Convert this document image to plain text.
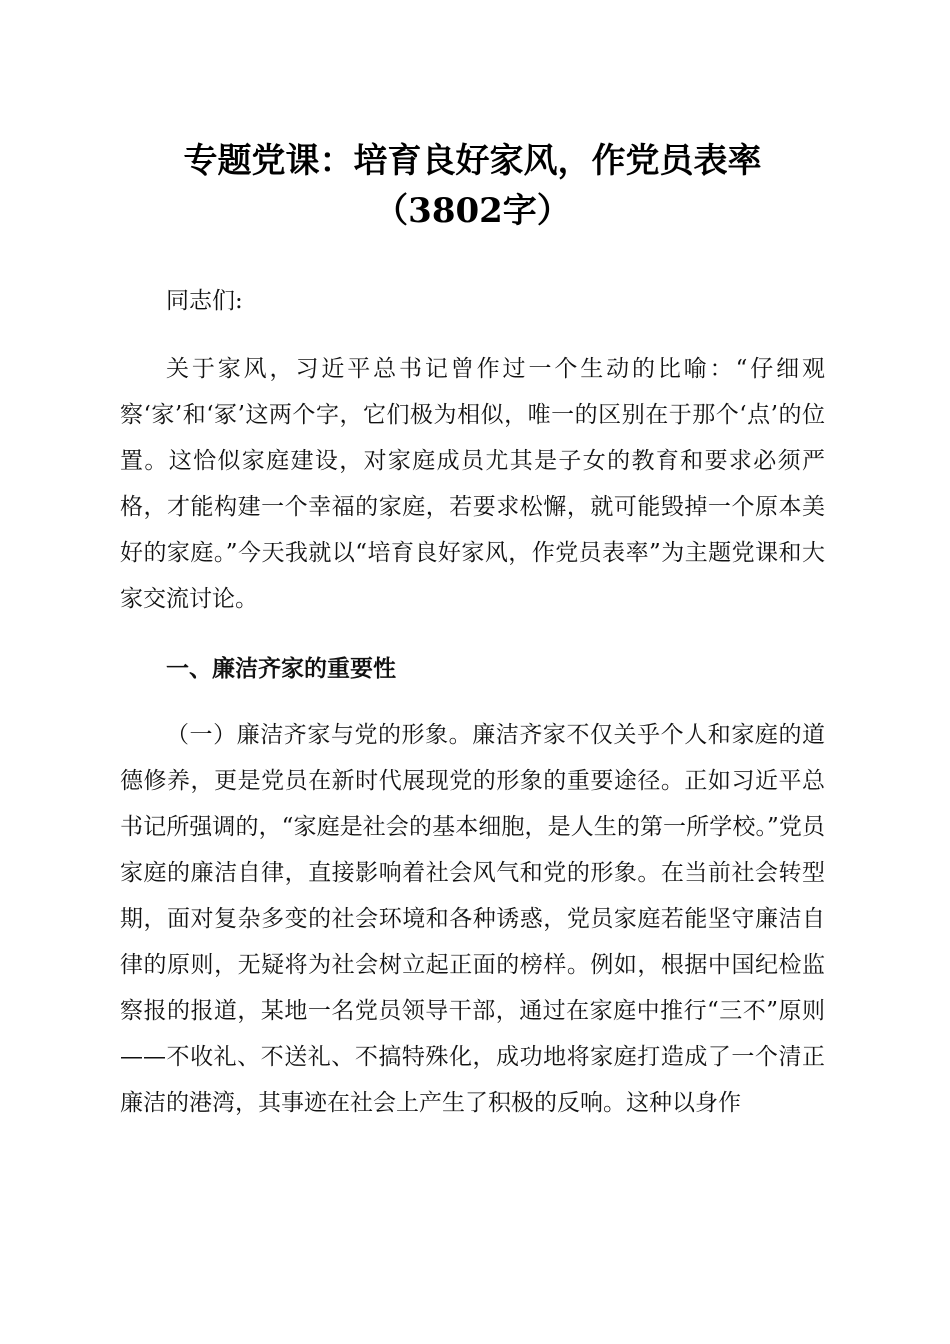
专题党课：培育良好家风，作党员表率（3802字）

同志们:

关于家风，习近平总书记曾作过一个生动的比喻：“仔细观察‘家’和‘冢’这两个字，它们极为相似，唯一的区别在于那个‘点’的位置。这恰似家庭建设，对家庭成员尤其是子女的教育和要求必须严格，才能构建一个幸福的家庭，若要求松懈，就可能毁掉一个原本美好的家庭。”今天我就以“培育良好家风，作党员表率”为主题党课和大家交流讨论。

一、廉洁齐家的重要性

（一）廉洁齐家与党的形象。廉洁齐家不仅关乎个人和家庭的道德修养，更是党员在新时代展现党的形象的重要途径。正如习近平总书记所强调的，“家庭是社会的基本细胞，是人生的第一所学校。”党员家庭的廉洁自律，直接影响着社会风气和党的形象。在当前社会转型期，面对复杂多变的社会环境和各种诱惑，党员家庭若能坚守廉洁自律的原则，无疑将为社会树立起正面的榜样。例如，根据中国纪检监察报的报道，某地一名党员领导干部，通过在家庭中推行“三不”原则——不收礼、不送礼、不搞特殊化，成功地将家庭打造成了一个清正廉洁的港湾，其事迹在社会上产生了积极的反响。这种以身作
